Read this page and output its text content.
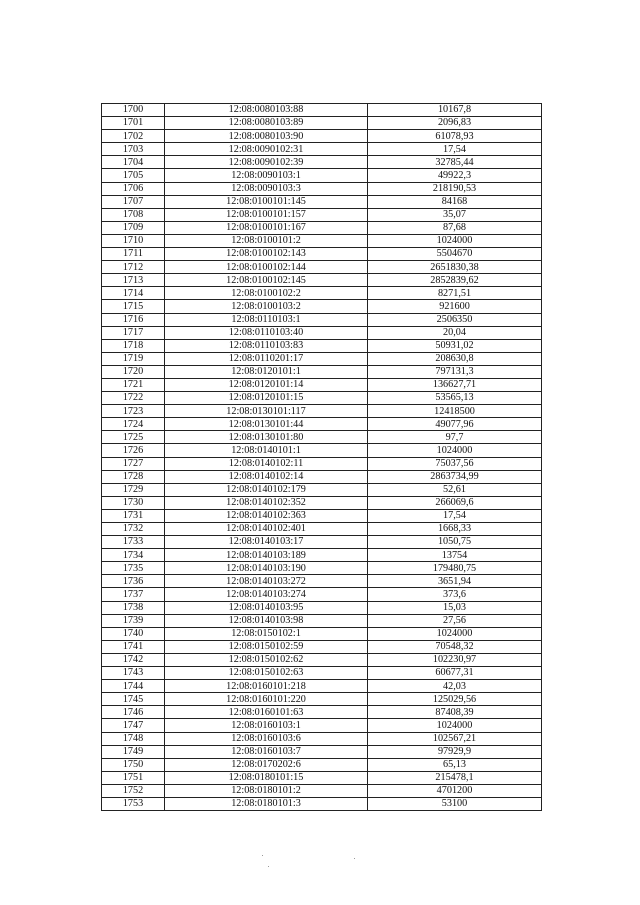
1700	12:08:0080103:88	10167,8
1701	12:08:0080103:89	2096,83
1702	12:08:0080103:90	61078,93
1703	12:08:0090102:31	17,54
1704	12:08:0090102:39	32785,44
1705	12:08:0090103:1	49922,3
1706	12:08:0090103:3	218190,53
1707	12:08:0100101:145	84168
1708	12:08:0100101:157	35,07
1709	12:08:0100101:167	87,68
1710	12:08:0100101:2	1024000
1711	12:08:0100102:143	5504670
1712	12:08:0100102:144	2651830,38
1713	12:08:0100102:145	2852839,62
1714	12:08:0100102:2	8271,51
1715	12:08:0100103:2	921600
1716	12:08:0110103:1	2506350
1717	12:08:0110103:40	20,04
1718	12:08:0110103:83	50931,02
1719	12:08:0110201:17	208630,8
1720	12:08:0120101:1	797131,3
1721	12:08:0120101:14	136627,71
1722	12:08:0120101:15	53565,13
1723	12:08:0130101:117	12418500
1724	12:08:0130101:44	49077,96
1725	12:08:0130101:80	97,7
1726	12:08:0140101:1	1024000
1727	12:08:0140102:11	75037,56
1728	12:08:0140102:14	2863734,99
1729	12:08:0140102:179	52,61
1730	12:08:0140102:352	266069,6
1731	12:08:0140102:363	17,54
1732	12:08:0140102:401	1668,33
1733	12:08:0140103:17	1050,75
1734	12:08:0140103:189	13754
1735	12:08:0140103:190	179480,75
1736	12:08:0140103:272	3651,94
1737	12:08:0140103:274	373,6
1738	12:08:0140103:95	15,03
1739	12:08:0140103:98	27,56
1740	12:08:0150102:1	1024000
1741	12:08:0150102:59	70548,32
1742	12:08:0150102:62	102230,97
1743	12:08:0150102:63	60677,31
1744	12:08:0160101:218	42,03
1745	12:08:0160101:220	125029,56
1746	12:08:0160101:63	87408,39
1747	12:08:0160103:1	1024000
1748	12:08:0160103:6	102567,21
1749	12:08:0160103:7	97929,9
1750	12:08:0170202:6	65,13
1751	12:08:0180101:15	215478,1
1752	12:08:0180101:2	4701200
1753	12:08:0180101:3	53100
